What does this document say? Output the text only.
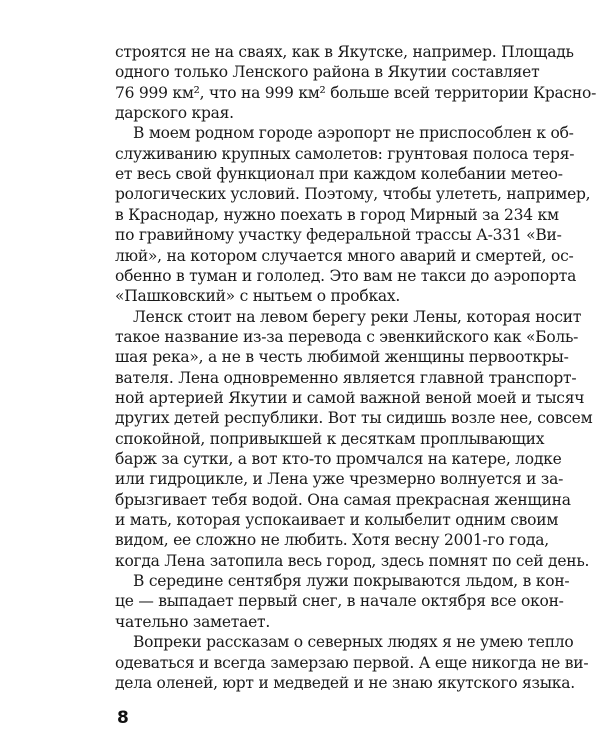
строятся не на сваях, как в Якутске, например. Площадь
одного только Ленского района в Якутии составляет
76 999 км², что на 999 км² больше всей территории Красно-
дарского края.
В моем родном городе аэропорт не приспособлен к об-
служиванию крупных самолетов: грунтовая полоса теря-
ет весь свой функционал при каждом колебании метео-
рологических условий. Поэтому, чтобы улететь, например,
в Краснодар, нужно поехать в город Мирный за 234 км
по гравийному участку федеральной трассы А-331 «Ви-
люй», на котором случается много аварий и смертей, ос-
обенно в туман и гололед. Это вам не такси до аэропорта
«Пашковский» с нытьем о пробках.
Ленск стоит на левом берегу реки Лены, которая носит
такое название из-за перевода с эвенкийского как «Боль-
шая река», а не в честь любимой женщины первооткры-
вателя. Лена одновременно является главной транспорт-
ной артерией Якутии и самой важной веной моей и тысяч
других детей республики. Вот ты сидишь возле нее, совсем
спокойной, попривыкшей к десяткам проплывающих
барж за сутки, а вот кто-то промчался на катере, лодке
или гидроцикле, и Лена уже чрезмерно волнуется и за-
брызгивает тебя водой. Она самая прекрасная женщина
и мать, которая успокаивает и колыбелит одним своим
видом, ее сложно не любить. Хотя весну 2001-го года,
когда Лена затопила весь город, здесь помнят по сей день.
В середине сентября лужи покрываются льдом, в кон-
це — выпадает первый снег, в начале октября все окон-
чательно заметает.
Вопреки рассказам о северных людях я не умею тепло
одеваться и всегда замерзаю первой. А еще никогда не ви-
дела оленей, юрт и медведей и не знаю якутского языка.
8
